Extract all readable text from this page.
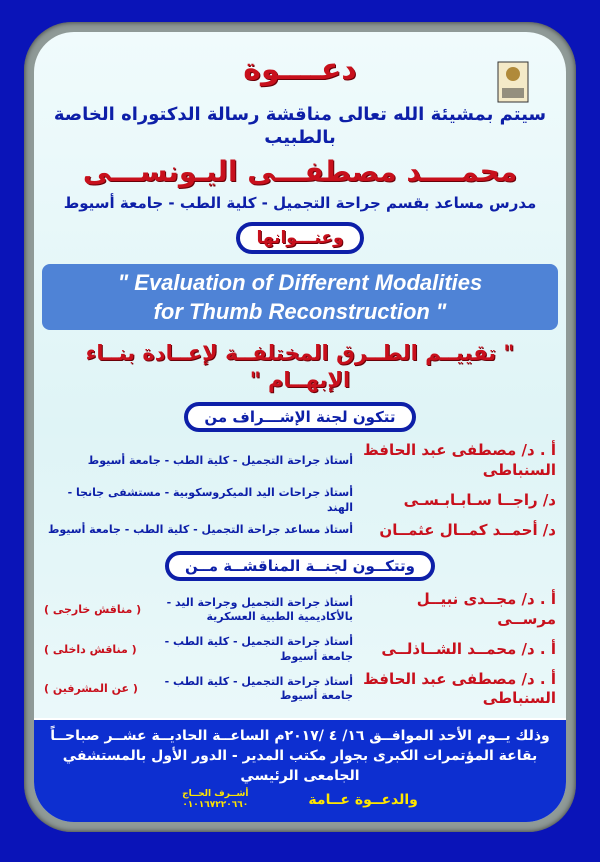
دعــــوة
سيتم بمشيئة الله تعالى مناقشة رسالة الدكتوراه الخاصة بالطبيب
محمــــد مصطفـــى اليـونســـى
مدرس مساعد بقسم جراحة التجميل - كلية الطب - جامعة أسيوط
وعنـــوانها
" Evaluation of Different Modalities
for Thumb Reconstruction "
" تقييــم الطــرق المختلفــة لإعــادة بنــاء الإبهــام "
تتكون لجنة الإشـــراف من
أ . د/ مصطفى عبد الحافظ السنباطى
أستاذ جراحة التجميل - كلية الطب - جامعة أسيوط
د/ راجــا سـابـابـسـى
أستاذ جراحات اليد الميكروسكوبية - مستشفى جانجا - الهند
د/ أحمــد كمــال عثمــان
أستاذ مساعد جراحة التجميل - كلية الطب - جامعة أسيوط
وتتكــون لجنــة المناقشــة مــن
أ . د/ مجــدى نبيــل مرســى
أستاذ جراحة التجميل وجراحة اليد - بالأكاديمية الطبية العسكرية
( مناقش خارجى )
أ . د/ محمــد الشــاذلــى
أستاذ جراحة التجميل - كلية الطب - جامعة أسيوط
( مناقش داخلى )
أ . د/ مصطفى عبد الحافظ السنباطى
أستاذ جراحة التجميل - كلية الطب - جامعة أسيوط
( عن المشرفين )
وذلك يــوم الأحد الموافــق ١٦/ ٤ /٢٠١٧م الساعــة الحاديــة عشــر صباحــاً
بقاعة المؤتمرات الكبرى بجوار مكتب المدير - الدور الأول بالمستشفي الجامعى الرئيسي
والدعــوة عــامة
أشــرف الحــاج
٠١٠١٦٧٢٢٠٦٦٠
